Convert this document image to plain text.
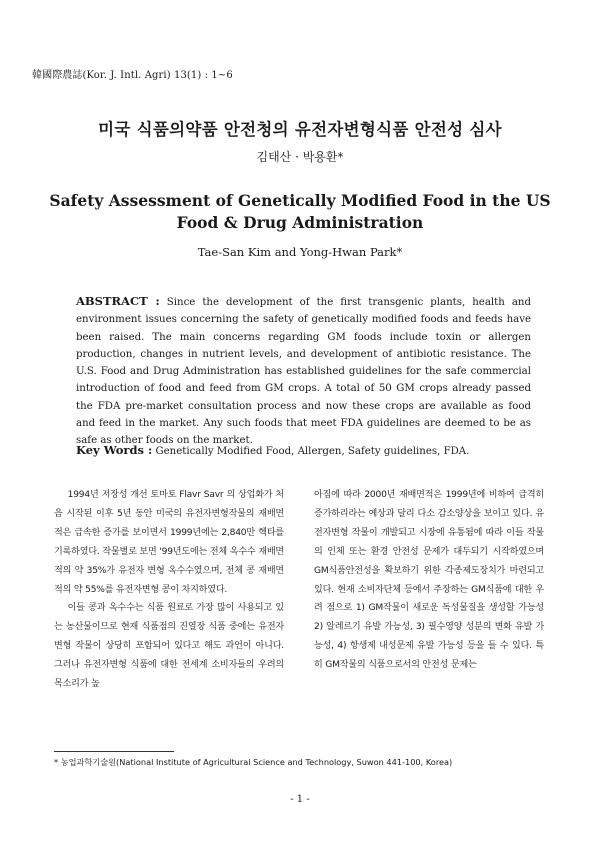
韓國際農誌(Kor. J. Intl. Agri) 13(1) : 1~6
미국 식품의약품 안전청의 유전자변형식품 안전성 심사
김태산 · 박용환*
Safety Assessment of Genetically Modified Food in the US Food & Drug Administration
Tae-San Kim and Yong-Hwan Park*
ABSTRACT : Since the development of the first transgenic plants, health and environment issues concerning the safety of genetically modified foods and feeds have been raised. The main concerns regarding GM foods include toxin or allergen production, changes in nutrient levels, and development of antibiotic resistance. The U.S. Food and Drug Administration has established guidelines for the safe commercial introduction of food and feed from GM crops. A total of 50 GM crops already passed the FDA pre-market consultation process and now these crops are available as food and feed in the market. Any such foods that meet FDA guidelines are deemed to be as safe as other foods on the market.
Key Words : Genetically Modified Food, Allergen, Safety guidelines, FDA.

1994년 저장성 개선 토마토 Flavr Savr 의 상업화가 처음 시작된 이후 5년 동안 미국의 유전자변형작물의 재배면적은 급속한 증가를 보이면서 1999년에는 2,840만 헥타를 기록하였다. 작물별로 보면 '99년도에는 전체 옥수수 재배면적의 약 35%가 유전자 변형 옥수수였으며, 전체 콩 재배면적의 약 55%를 유전자변형 콩이 차지하였다.

이들 콩과 옥수수는 식품 원료로 가장 많이 사용되고 있는 농산물이므로 현재 식품점의 진열장 식품 중에는 유전자변형 작물이 상당히 포함되어 있다고 해도 과언이 아니다. 그러나 유전자변형 식품에 대한 전세계 소비자들의 우려의 목소리가 높

아짐에 따라 2000년 재배면적은 1999년에 비하여 급격히 증가하리라는 예상과 달리 다소 감소양상을 보이고 있다. 유전자변형 작물이 개발되고 시장에 유통됨에 따라 이들 작물의 인체 또는 환경 안전성 문제가 대두되기 시작하였으며 GM식품안전성을 확보하기 위한 각종제도장치가 마련되고 있다. 현재 소비자단체 등에서 주장하는 GM식품에 대한 우려 점으로 1) GM작물이 새로운 독성물질을 생성할 가능성 2) 알레르기 유발 가능성, 3) 필수영양 성분의 변화 유발 가능성, 4) 항생제 내성문제 유발 가능성 등을 들 수 있다. 특히 GM작물의 식품으로서의 안전성 문제는

* 농업과학기술원(National Institute of Agricultural Science and Technology, Suwon 441-100, Korea)
- 1 -
